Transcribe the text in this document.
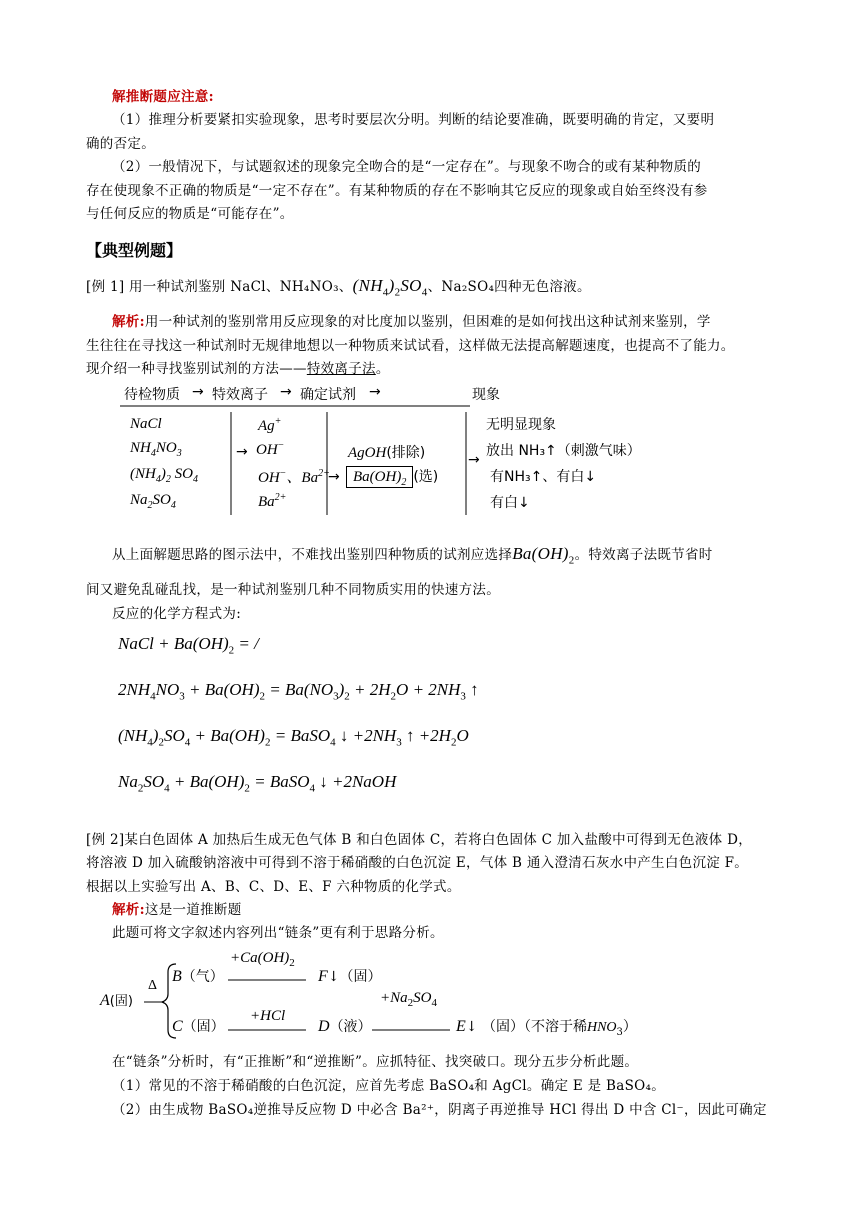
解推断题应注意:
（1）推理分析要紧扣实验现象，思考时要层次分明。判断的结论要准确，既要明确的肯定，又要明
确的否定。
（2）一般情况下，与试题叙述的现象完全吻合的是“一定存在”。与现象不吻合的或有某种物质的
存在使现象不正确的物质是“一定不存在”。有某种物质的存在不影响其它反应的现象或自始至终没有参
与任何反应的物质是“可能存在”。
【典型例题】
[例 1] 用一种试剂鉴别 NaCl、NH₄NO₃、$(NH_4)_2SO_4$、Na₂SO₄四种无色溶液。
解析:用一种试剂的鉴别常用反应现象的对比度加以鉴别，但困难的是如何找出这种试剂来鉴别，学
生往往在寻找这一种试剂时无规律地想以一种物质来试试看，这样做无法提高解题速度，也提高不了能力。
现介绍一种寻找鉴别试剂的方法——特效离子法。
待检物质 → 特效离子 → 确定试剂 →	现象
NaCl
$NH_4NO_3$
$(NH_4)_2$ $SO_4$
$Na_2SO_4$
Ag+
→ OH−
OH−、$Ba^{2+}$
$Ba^{2+}$
AgOH(排除)
→ $Ba(OH)_2$ (选)
→
无明显现象
放出 NH₃↑（刺激气味）
有NH₃↑、有白↓
有白↓
从上面解题思路的图示法中，不难找出鉴别四种物质的试剂应选择$Ba(OH)_2$。特效离子法既节省时
间又避免乱碰乱找，是一种试剂鉴别几种不同物质实用的快速方法。
反应的化学方程式为:
NaCl + $Ba(OH)_2$ = /
$2NH_4NO_3 + Ba(OH)_2 = Ba(NO_3)_2 + 2H_2O + 2NH_3$ ↑
$(NH_4)_2SO_4 + Ba(OH)_2$ = BaSO$_4$ ↓ $+2NH_3$ ↑ $+2H_2O$
$Na_2SO_4 + Ba(OH)_2$ = BaSO$_4$ ↓ +2NaOH
[例 2]某白色固体 A 加热后生成无色气体 B 和白色固体 C，若将白色固体 C 加入盐酸中可得到无色液体 D，
将溶液 D 加入硫酸钠溶液中可得到不溶于稀硝酸的白色沉淀 E，气体 B 通入澄清石灰水中产生白色沉淀 F。
根据以上实验写出 A、B、C、D、E、F 六种物质的化学式。
解析:这是一道推断题
此题可将文字叙述内容列出“链条”更有利于思路分析。
A(固)
Δ
B（气）
$+Ca(OH)_2$
F↓（固）
C（固）
+HCl
D（液）
$+Na_2SO_4$
E↓ （固）（不溶于稀$HNO_3$）
在“链条”分析时，有“正推断”和“逆推断”。应抓特征、找突破口。现分五步分析此题。
（1）常见的不溶于稀硝酸的白色沉淀，应首先考虑 BaSO₄和 AgCl。确定 E 是 BaSO₄。
（2）由生成物 BaSO₄逆推导反应物 D 中必含 Ba²⁺，阴离子再逆推导 HCl 得出 D 中含 Cl⁻，因此可确定
